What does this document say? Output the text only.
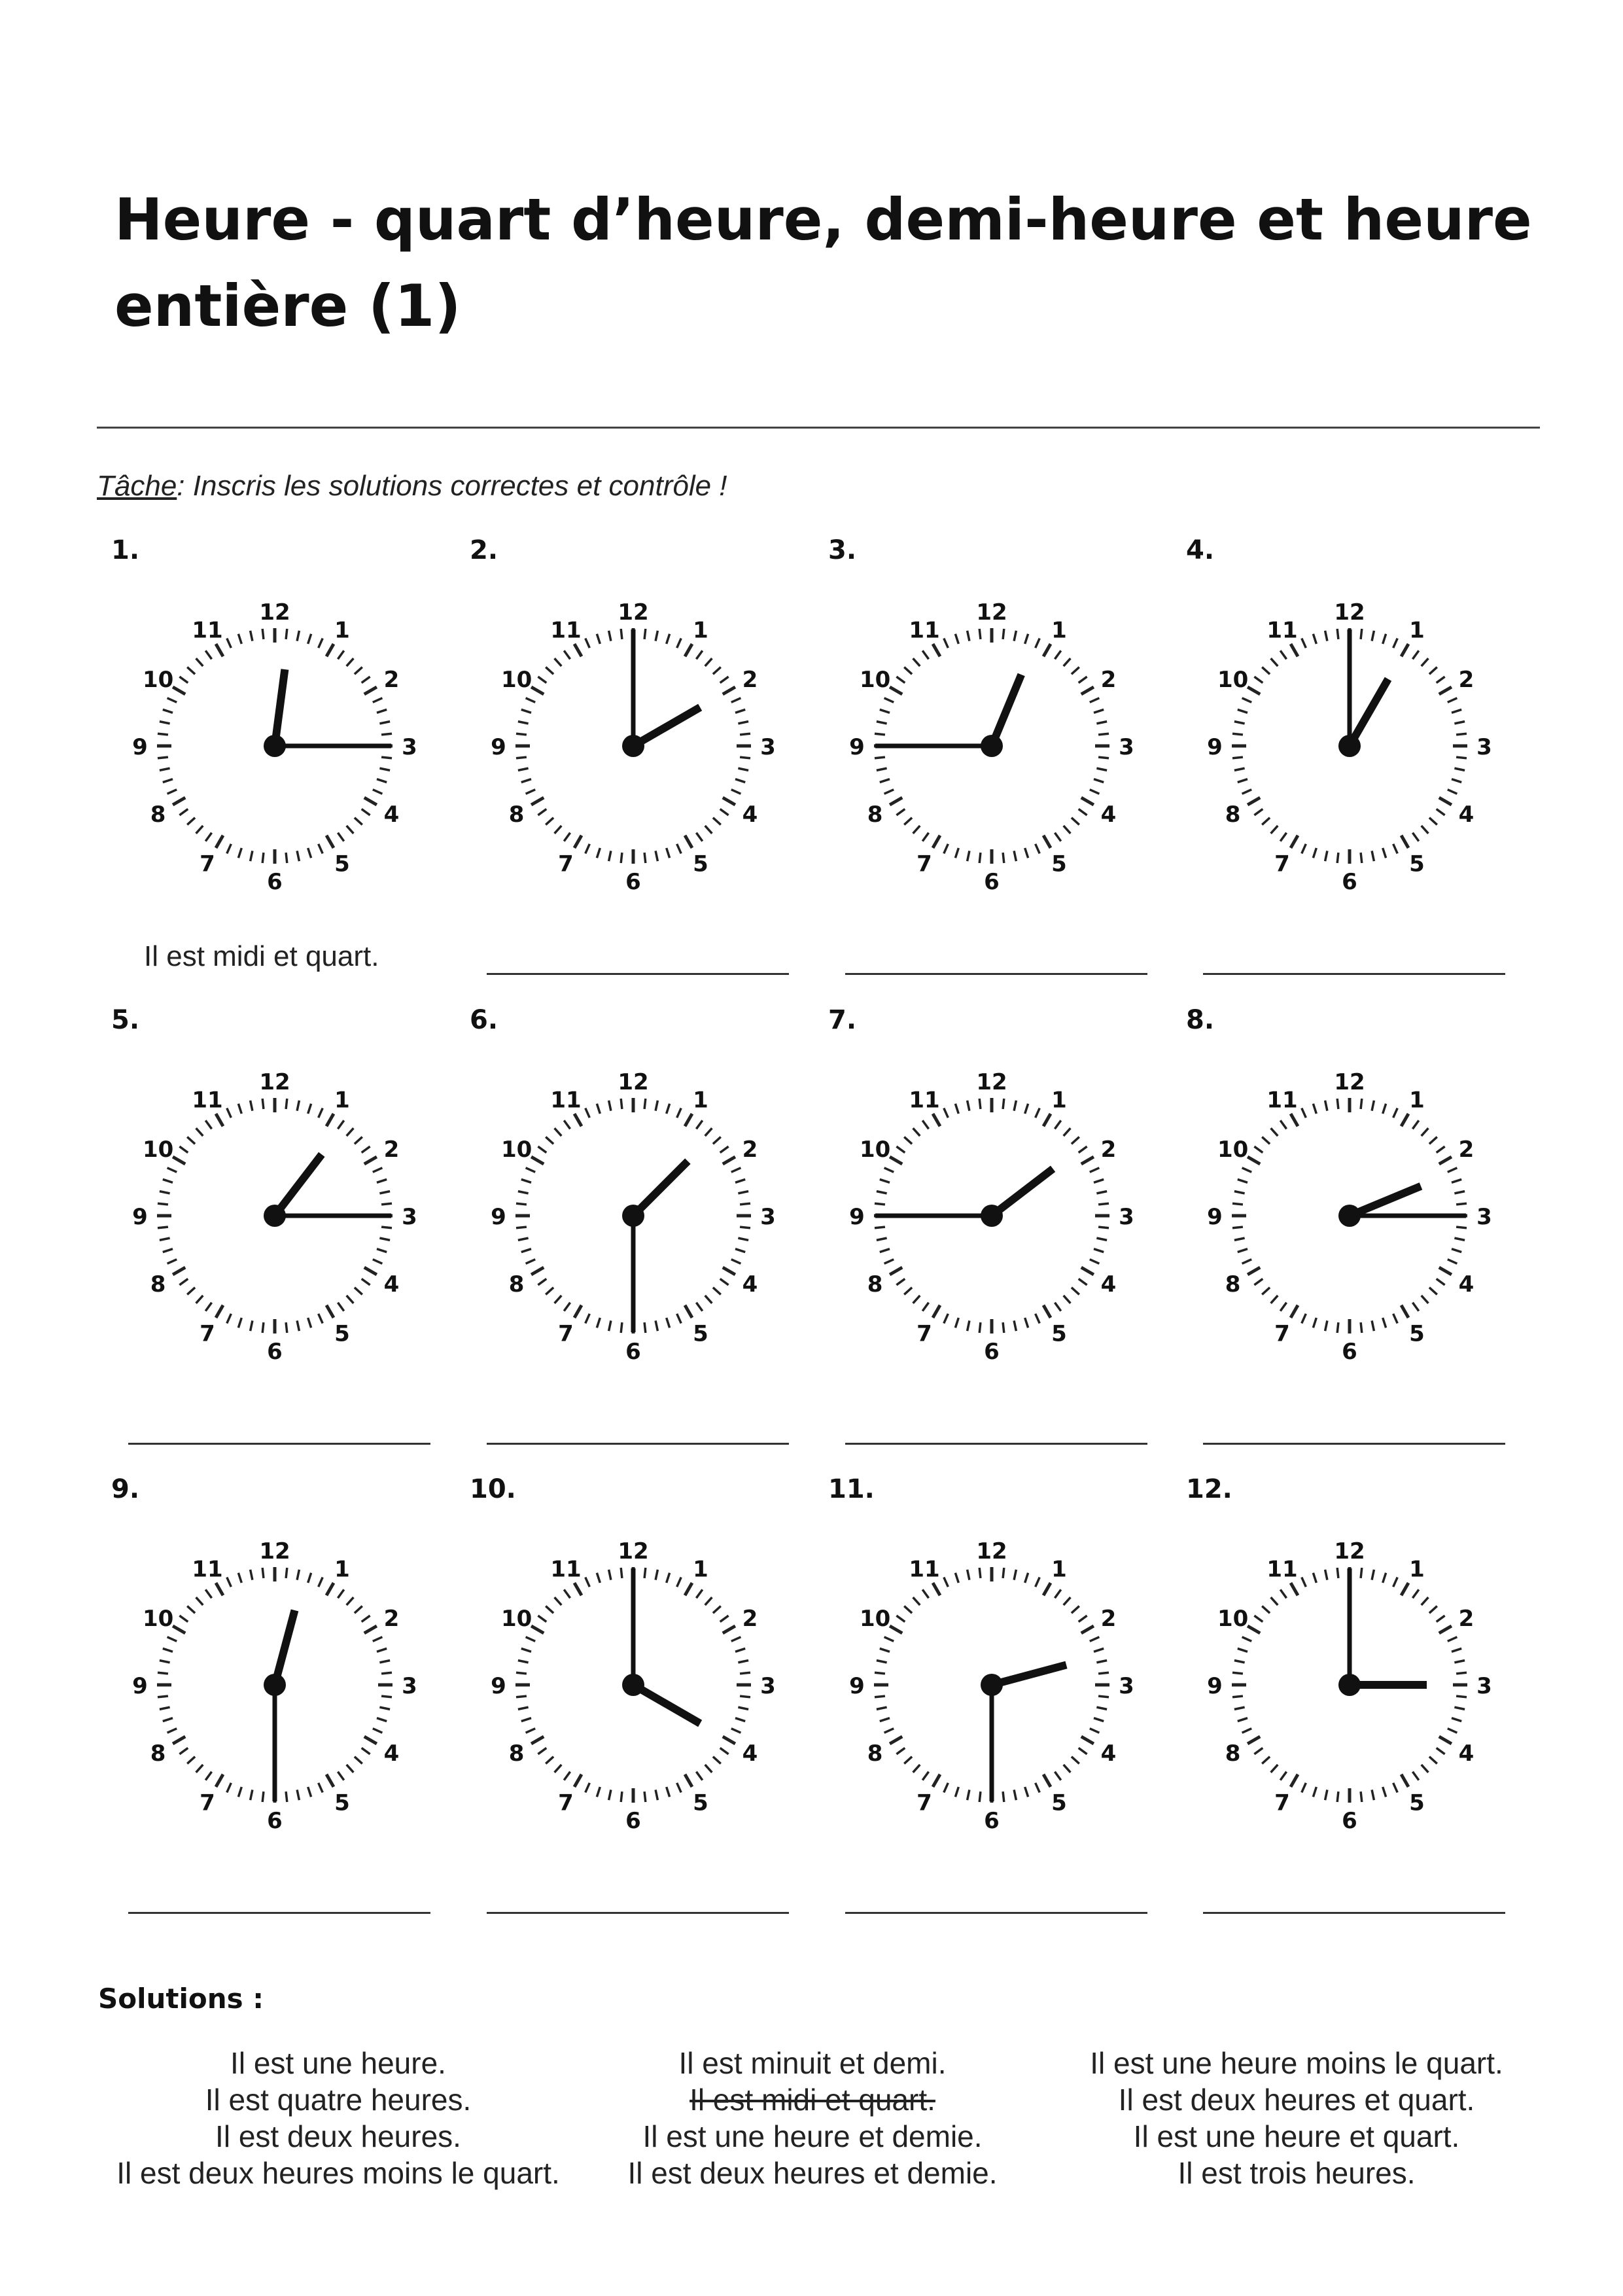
Heure - quart d’heure, demi-heure et heure entière (1)
Tâche: Inscris les solutions correctes et contrôle !
1.
12
1
2
3
4
5
6
7
8
9
10
11
Il est midi et quart.
2.
12
1
2
3
4
5
6
7
8
9
10
11
3.
12
1
2
3
4
5
6
7
8
9
10
11
4.
12
1
2
3
4
5
6
7
8
9
10
11
5.
12
1
2
3
4
5
6
7
8
9
10
11
6.
12
1
2
3
4
5
6
7
8
9
10
11
7.
12
1
2
3
4
5
6
7
8
9
10
11
8.
12
1
2
3
4
5
6
7
8
9
10
11
9.
12
1
2
3
4
5
6
7
8
9
10
11
10.
12
1
2
3
4
5
6
7
8
9
10
11
11.
12
1
2
3
4
5
6
7
8
9
10
11
12.
12
1
2
3
4
5
6
7
8
9
10
11
Solutions :
Il est une heure.
Il est quatre heures.
Il est deux heures.
Il est deux heures moins le quart.
Il est minuit et demi.
Il est midi et quart.
Il est une heure et demie.
Il est deux heures et demie.
Il est une heure moins le quart.
Il est deux heures et quart.
Il est une heure et quart.
Il est trois heures.
